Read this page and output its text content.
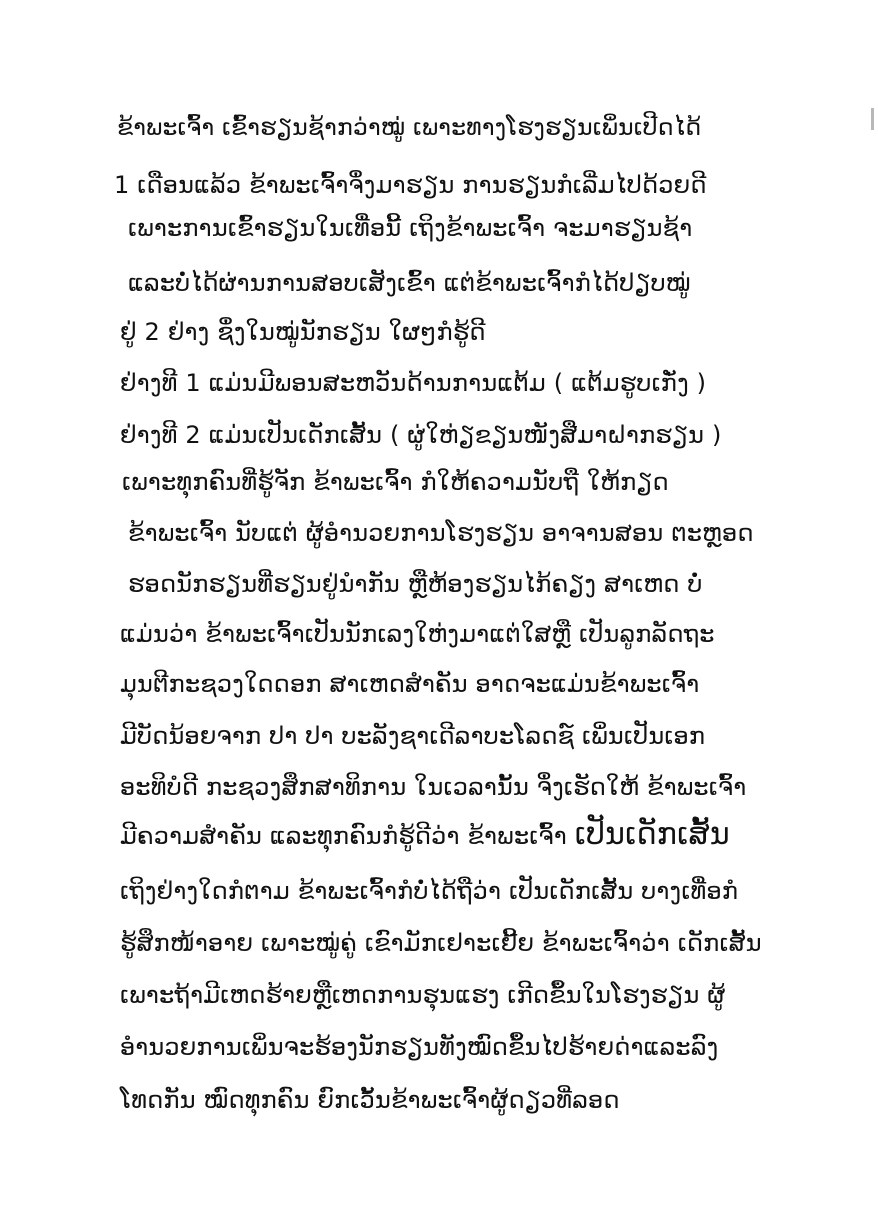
ຂ້າພະເຈົ້າ ເຂົ້າຮຽນຊ້າກວ່າໝູ່ ເພາະທາງໂຮງຮຽນເພິ່ນເປີດໄດ້
1 ເດືອນແລ້ວ ຂ້າພະເຈົ້າຈຶ່ງມາຮຽນ ການຮຽນກໍເລີ່ມໄປດ້ວຍດີ
ເພາະການເຂົ້າຮຽນໃນເທື່ອນີ້ ເຖິງຂ້າພະເຈົ້າ ຈະມາຮຽນຊ້າ
ແລະບໍ່ໄດ້ຜ່ານການສອບເສັງເຂົ້າ ແຕ່ຂ້າພະເຈົ້າກໍໄດ້ປຽບໝູ່
ຢູ່ 2 ຢ່າງ ຊຶ່ງໃນໝູ່ນັກຮຽນ ໃຜໆກໍຮູ້ດີ
ຢ່າງທີ 1 ແມ່ນມີພອນສະຫວັນດ້ານການແຕ້ມ ( ແຕ້ມຮູບເກັ່ງ )
ຢ່າງທີ 2 ແມ່ນເປັນເດັກເສັ້ນ ( ຜູ່ໃຫ່ຽຂຽນໜັງສືມາຝາກຮຽນ )
ເພາະທຸກຄົນທີ່ຮູ້ຈັກ ຂ້າພະເຈົ້າ ກໍໃຫ້ຄວາມນັບຖື ໃຫ້ກຽດ
ຂ້າພະເຈົ້າ ນັບແຕ່ ຜູ້ອຳນວຍການໂຮງຮຽນ ອາຈານສອນ ຕະຫຼອດ
ຮອດນັກຮຽນທີ່ຮຽນຢູ່ນຳກັນ ຫຼືຫ້ອງຮຽນໄກ້ຄຽງ ສາເຫດ ບໍ່
ແມ່ນວ່າ ຂ້າພະເຈົ້າເປັນນັກເລງໃຫ່ງມາແຕ່ໃສຫຼື ເປັນລູກລັດຖະ
ມຸນຕີກະຊວງໃດດອກ ສາເຫດສຳຄັນ ອາດຈະແມ່ນຂ້າພະເຈົ້າ
ມີບັດນ້ອຍຈາກ ປາ ປາ ບະລັງຊາເດີລາບະໂລດຊ໌ ເພິ່ນເປັນເອກ
ອະທິບໍດີ ກະຊວງສຶກສາທິການ ໃນເວລານັ້ນ ຈຶ່ງເຮັດໃຫ້ ຂ້າພະເຈົ້າ
ມີຄວາມສຳຄັນ ແລະທຸກຄົນກໍຮູ້ດີວ່າ ຂ້າພະເຈົ້າ ເປັນເດັກເສັ້ນ
ເຖິງຢ່າງໃດກໍຕາມ ຂ້າພະເຈົ້າກໍບໍ່ໄດ້ຖືວ່າ ເປັນເດັກເສັ້ນ ບາງເທື່ອກໍ
ຮູ້ສຶກໜ້າອາຍ ເພາະໝູ່ຄູ່ ເຂົາມັກເຢາະເຢີ້ຍ ຂ້າພະເຈົ້າວ່າ ເດັກເສັ້ນ
ເພາະຖ້າມີເຫດຮ້າຍຫຼືເຫດການຮຸນແຮງ ເກີດຂຶ້ນໃນໂຮງຮຽນ ຜູ້
ອຳນວຍການເພິ່ນຈະຮ້ອງນັກຮຽນທັງໝົດຂຶ້ນໄປຮ້າຍດ່າແລະລົງ
ໂທດກັນ ໝົດທຸກຄົນ ຍົກເວັ້ນຂ້າພະເຈົ້າຜູ້ດຽວທີ່ລອດ
